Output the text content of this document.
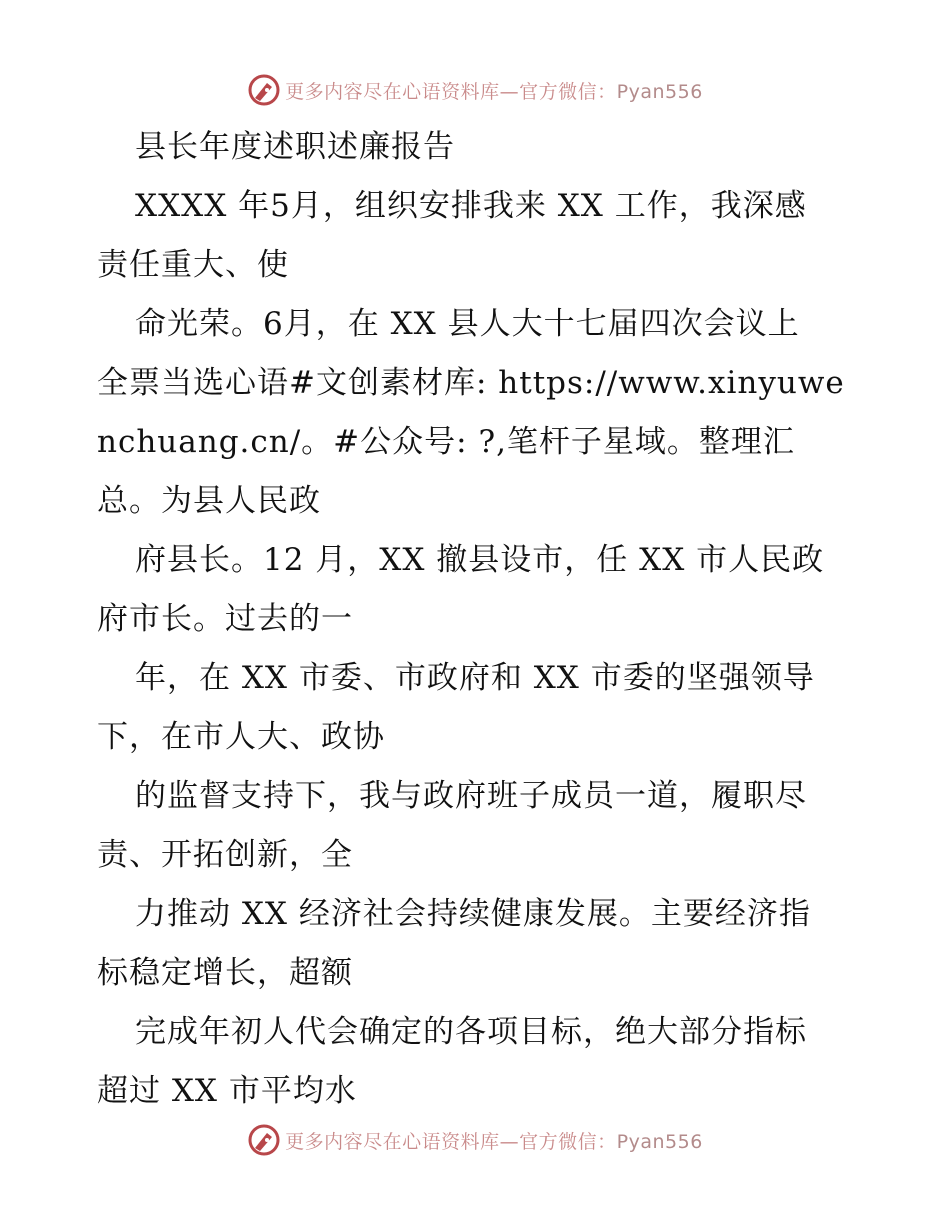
更多内容尽在心语资料库—官方微信：Pyan556
县长年度述职述廉报告
XXXX 年5月，组织安排我来 XX 工作，我深感
责任重大、使
命光荣。6月，在 XX 县人大十七届四次会议上
全票当选心语#文创素材库: https://www.xinyuwe
nchuang.cn/。#公众号: ?,笔杆子星域。整理汇
总。为县人民政
府县长。12 月，XX 撤县设市，任 XX 市人民政
府市长。过去的一
年，在 XX 市委、市政府和 XX 市委的坚强领导
下，在市人大、政协
的监督支持下，我与政府班子成员一道，履职尽
责、开拓创新，全
力推动 XX 经济社会持续健康发展。主要经济指
标稳定增长，超额
完成年初人代会确定的各项目标，绝大部分指标
超过 XX 市平均水
更多内容尽在心语资料库—官方微信：Pyan556
